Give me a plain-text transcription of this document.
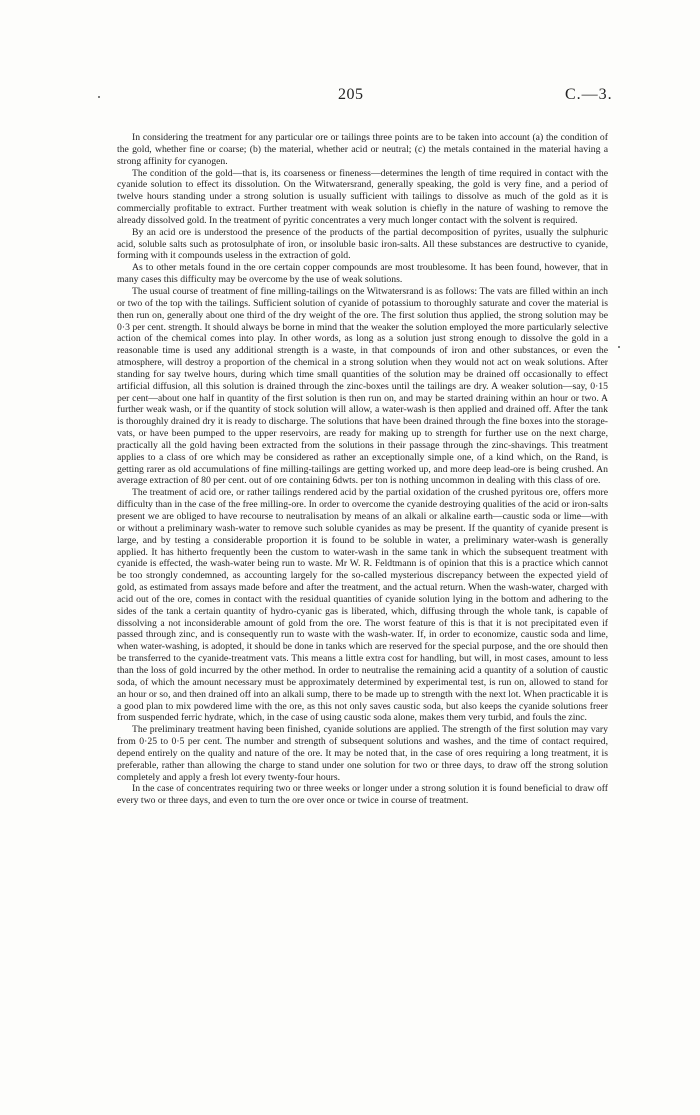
205	C.—3.

In considering the treatment for any particular ore or tailings three points are to be taken into account (a) the condition of the gold, whether fine or coarse; (b) the material, whether acid or neutral; (c) the metals contained in the material having a strong affinity for cyanogen.

The condition of the gold—that is, its coarseness or fineness—determines the length of time required in contact with the cyanide solution to effect its dissolution. On the Witwatersrand, generally speaking, the gold is very fine, and a period of twelve hours standing under a strong solution is usually sufficient with tailings to dissolve as much of the gold as it is commercially profitable to extract. Further treatment with weak solution is chiefly in the nature of washing to remove the already dissolved gold. In the treatment of pyritic concentrates a very much longer contact with the solvent is required.

By an acid ore is understood the presence of the products of the partial decomposition of pyrites, usually the sulphuric acid, soluble salts such as protosulphate of iron, or insoluble basic iron-salts. All these substances are destructive to cyanide, forming with it compounds useless in the extraction of gold.

As to other metals found in the ore certain copper compounds are most troublesome. It has been found, however, that in many cases this difficulty may be overcome by the use of weak solutions.

The usual course of treatment of fine milling-tailings on the Witwatersrand is as follows: The vats are filled within an inch or two of the top with the tailings. Sufficient solution of cyanide of potassium to thoroughly saturate and cover the material is then run on, generally about one third of the dry weight of the ore. The first solution thus applied, the strong solution may be 0·3 per cent. strength. It should always be borne in mind that the weaker the solution employed the more particularly selective action of the chemical comes into play. In other words, as long as a solution just strong enough to dissolve the gold in a reasonable time is used any additional strength is a waste, in that compounds of iron and other substances, or even the atmosphere, will destroy a proportion of the chemical in a strong solution when they would not act on weak solutions. After standing for say twelve hours, during which time small quantities of the solution may be drained off occasionally to effect artificial diffusion, all this solution is drained through the zinc-boxes until the tailings are dry. A weaker solution—say, 0·15 per cent—about one half in quantity of the first solution is then run on, and may be started draining within an hour or two. A further weak wash, or if the quantity of stock solution will allow, a water-wash is then applied and drained off. After the tank is thoroughly drained dry it is ready to discharge. The solutions that have been drained through the fine boxes into the storage-vats, or have been pumped to the upper reservoirs, are ready for making up to strength for further use on the next charge, practically all the gold having been extracted from the solutions in their passage through the zinc-shavings. This treatment applies to a class of ore which may be considered as rather an exceptionally simple one, of a kind which, on the Rand, is getting rarer as old accumulations of fine milling-tailings are getting worked up, and more deep lead-ore is being crushed. An average extraction of 80 per cent. out of ore containing 6dwts. per ton is nothing uncommon in dealing with this class of ore.

The treatment of acid ore, or rather tailings rendered acid by the partial oxidation of the crushed pyritous ore, offers more difficulty than in the case of the free milling-ore. In order to overcome the cyanide destroying qualities of the acid or iron-salts present we are obliged to have recourse to neutralisation by means of an alkali or alkaline earth—caustic soda or lime—with or without a preliminary wash-water to remove such soluble cyanides as may be present. If the quantity of cyanide present is large, and by testing a considerable proportion it is found to be soluble in water, a preliminary water-wash is generally applied. It has hitherto frequently been the custom to water-wash in the same tank in which the subsequent treatment with cyanide is effected, the wash-water being run to waste. Mr W. R. Feldtmann is of opinion that this is a practice which cannot be too strongly condemned, as accounting largely for the so-called mysterious discrepancy between the expected yield of gold, as estimated from assays made before and after the treatment, and the actual return. When the wash-water, charged with acid out of the ore, comes in contact with the residual quantities of cyanide solution lying in the bottom and adhering to the sides of the tank a certain quantity of hydro-cyanic gas is liberated, which, diffusing through the whole tank, is capable of dissolving a not inconsiderable amount of gold from the ore. The worst feature of this is that it is not precipitated even if passed through zinc, and is consequently run to waste with the wash-water. If, in order to economize, caustic soda and lime, when water-washing, is adopted, it should be done in tanks which are reserved for the special purpose, and the ore should then be transferred to the cyanide-treatment vats. This means a little extra cost for handling, but will, in most cases, amount to less than the loss of gold incurred by the other method. In order to neutralise the remaining acid a quantity of a solution of caustic soda, of which the amount necessary must be approximately determined by experimental test, is run on, allowed to stand for an hour or so, and then drained off into an alkali sump, there to be made up to strength with the next lot. When practicable it is a good plan to mix powdered lime with the ore, as this not only saves caustic soda, but also keeps the cyanide solutions freer from suspended ferric hydrate, which, in the case of using caustic soda alone, makes them very turbid, and fouls the zinc.

The preliminary treatment having been finished, cyanide solutions are applied. The strength of the first solution may vary from 0·25 to 0·5 per cent. The number and strength of subsequent solutions and washes, and the time of contact required, depend entirely on the quality and nature of the ore. It may be noted that, in the case of ores requiring a long treatment, it is preferable, rather than allowing the charge to stand under one solution for two or three days, to draw off the strong solution completely and apply a fresh lot every twenty-four hours.

In the case of concentrates requiring two or three weeks or longer under a strong solution it is found beneficial to draw off every two or three days, and even to turn the ore over once or twice in course of treatment.
